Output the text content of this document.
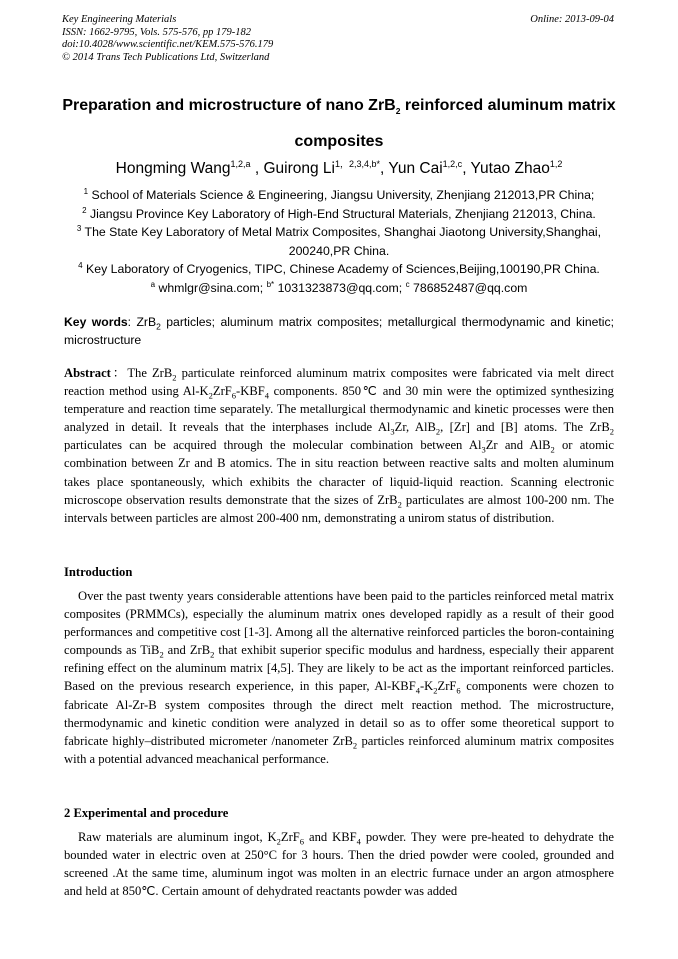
Key Engineering Materials
ISSN: 1662-9795, Vols. 575-576, pp 179-182
doi:10.4028/www.scientific.net/KEM.575-576.179
© 2014 Trans Tech Publications Ltd, Switzerland
Online: 2013-09-04
Preparation and microstructure of nano ZrB$_2$ reinforced aluminum matrix composites
Hongming Wang$^{1,2,a}$ , Guirong $Li^{1,2,3,4,b*}$, Yun Cai$^{1,2,c}$, Yutao Zhao$^{1,2}$
$^1$ School of Materials Science & Engineering, Jiangsu University, Zhenjiang 212013,PR China;
$^2$ Jiangsu Province Key Laboratory of High-End Structural Materials, Zhenjiang 212013, China.
$^3$ The State Key Laboratory of Metal Matrix Composites, Shanghai Jiaotong University,Shanghai, 200240,PR China.
$^4$ Key Laboratory of Cryogenics, TIPC, Chinese Academy of Sciences,Beijing,100190,PR China.
$^a$ whmlgr@sina.com; $^{b*}$ 1031323873@qq.com; $^c$ 786852487@qq.com
Key words: ZrB$_2$ particles; aluminum matrix composites; metallurgical thermodynamic and kinetic; microstructure
Abstract：The ZrB$_2$ particulate reinforced aluminum matrix composites were fabricated via melt direct reaction method using $Al-K_2ZrF_6-KBF_4$ components. 850℃ and 30 min were the optimized synthesizing temperature and reaction time separately. The metallurgical thermodynamic and kinetic processes were then analyzed in detail. It reveals that the interphases include $Al_3Zr$, AlB$_2$, [Zr] and [B] atoms. The ZrB$_2$ particulates can be acquired through the molecular combination between $Al_3Zr$ and AlB$_2$ or atomic combination between Zr and B atomics. The in situ reaction between reactive salts and molten aluminum takes place spontaneously, which exhibits the character of liquid-liquid reaction. Scanning electronic microscope observation results demonstrate that the sizes of ZrB$_2$ particulates are almost 100-200 nm. The intervals between particles are almost 200-400 nm, demonstrating a unirom status of distribution.
Introduction
Over the past twenty years considerable attentions have been paid to the particles reinforced metal matrix composites (PRMMCs), especially the aluminum matrix ones developed rapidly as a result of their good performances and competitive cost [1-3]. Among all the alternative reinforced particles the boron-containing compounds as TiB$_2$ and ZrB$_2$ that exhibit superior specific modulus and hardness, especially their apparent refining effect on the aluminum matrix [4,5]. They are likely to be act as the important reinforced particles. Based on the previous research experience, in this paper, $Al-KBF_4-K_2ZrF_6$ components were chozen to fabricate Al-Zr-B system composites through the direct melt reaction method. The microstructure, thermodynamic and kinetic condition were analyzed in detail so as to offer some theoretical support to fabricate highly–distributed micrometer /nanometer ZrB$_2$ particles reinforced aluminum matrix composites with a potential advanced meachanical performance.
2 Experimental and procedure
Raw materials are aluminum ingot, $K_2ZrF_6$ and $KBF_4$ powder. They were pre-heated to dehydrate the bounded water in electric oven at 250°C for 3 hours. Then the dried powder were cooled, grounded and screened .At the same time, aluminum ingot was molten in an electric furnace under an argon atmosphere and held at 850℃. Certain amount of dehydrated reactants powder was added
